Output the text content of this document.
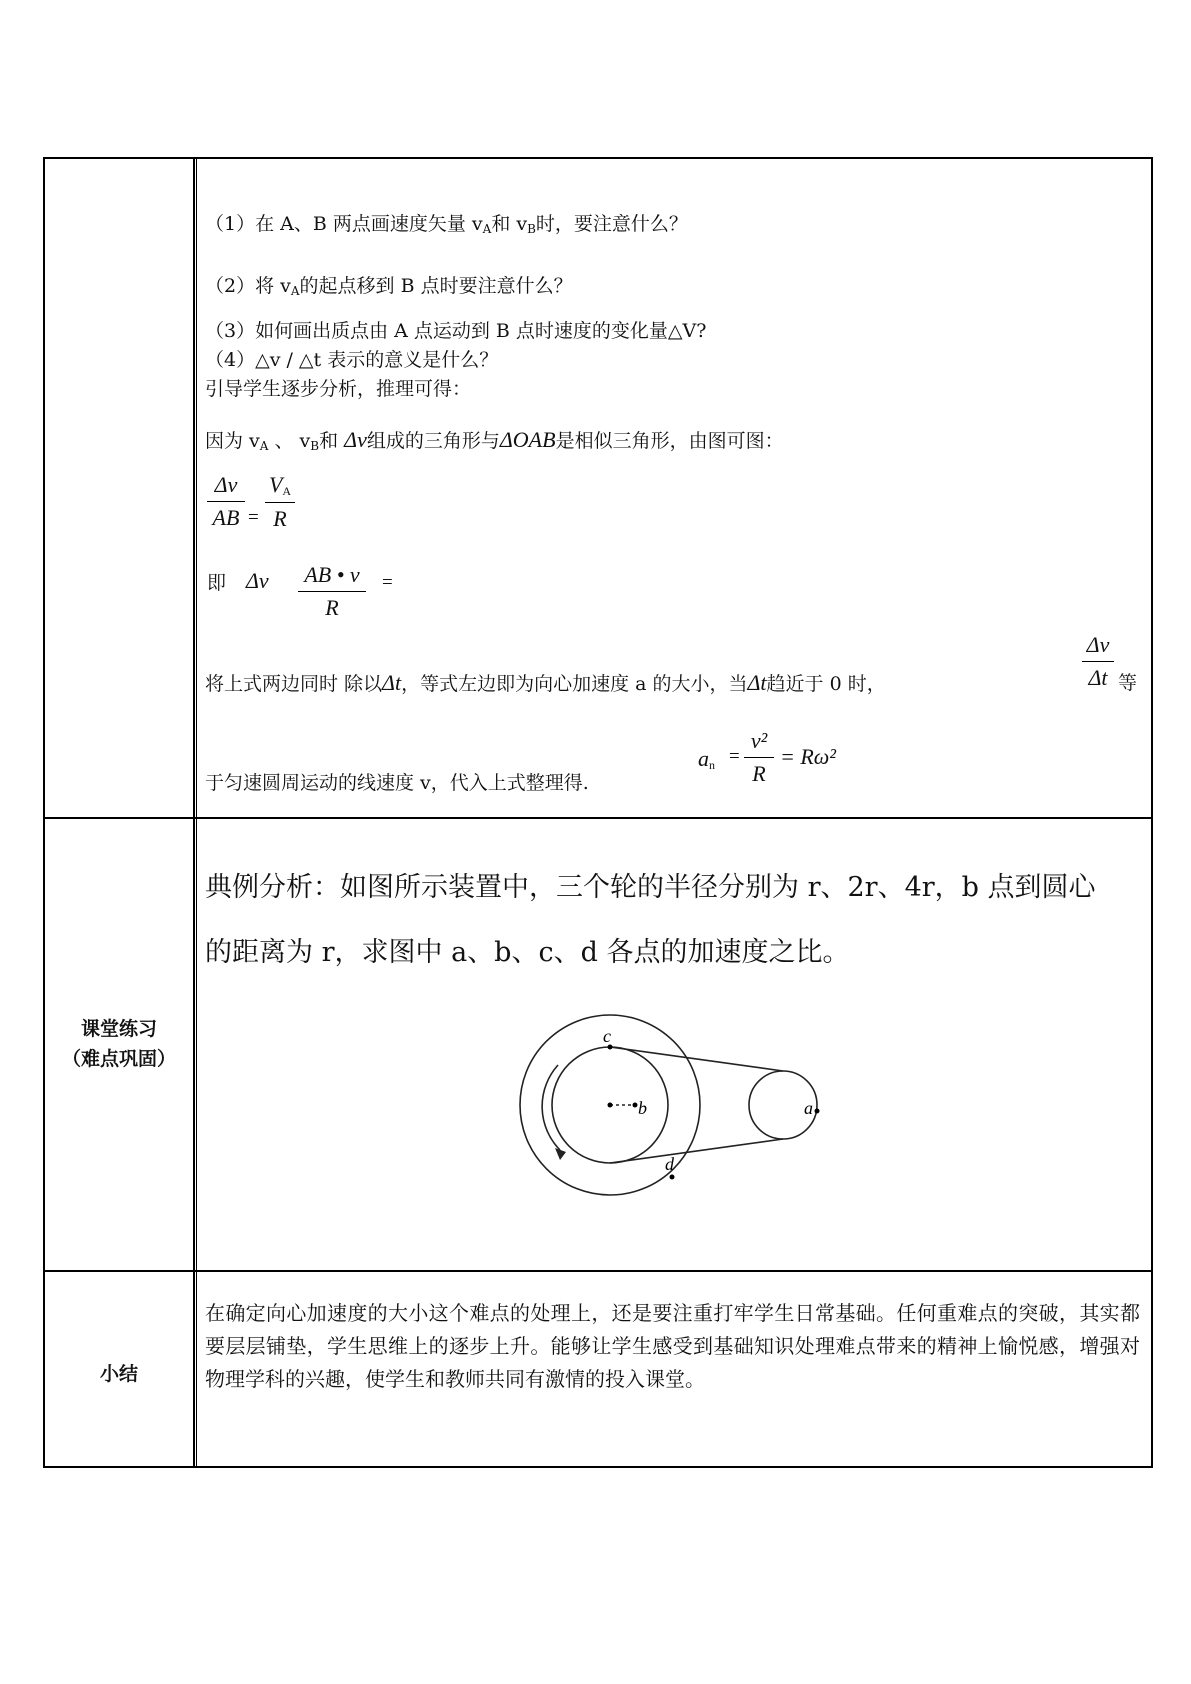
课堂练习
（难点巩固）
小结
（1）在 A、B 两点画速度矢量 $v_A$和 $v_B$时，要注意什么？
（2）将 $v_A$的起点移到 B 点时要注意什么？
（3）如何画出质点由 A 点运动到 B 点时速度的变化量△V?
（4）△v / △t 表示的意义是什么？
引导学生逐步分析，推理可得：
因为 $v_A$ 、 $v_B$和 Δv组成的三角形与ΔOAB是相似三角形，由图可图：
Δv
AB =
$V_A$
R
即 Δv AB • v
R
=
将上式两边同时 除以Δt，等式左边即为向心加速度 a 的大小，当Δt趋近于 0 时，
Δv
Δt 等
于匀速圆周运动的线速度 v，代入上式整理得.
$a_n$ =
v²
R
= Rω²
典例分析：如图所示装置中，三个轮的半径分别为 r、2r、4r，b 点到圆心
的距离为 r，求图中 a、b、c、d 各点的加速度之比。
c
b	a
d
在确定向心加速度的大小这个难点的处理上，还是要注重打牢学生日常基础。任何重难点的突破，其实都要层层铺垫，学生思维上的逐步上升。能够让学生感受到基础知识处理难点带来的精神上愉悦感，增强对物理学科的兴趣，使学生和教师共同有激情的投入课堂。
